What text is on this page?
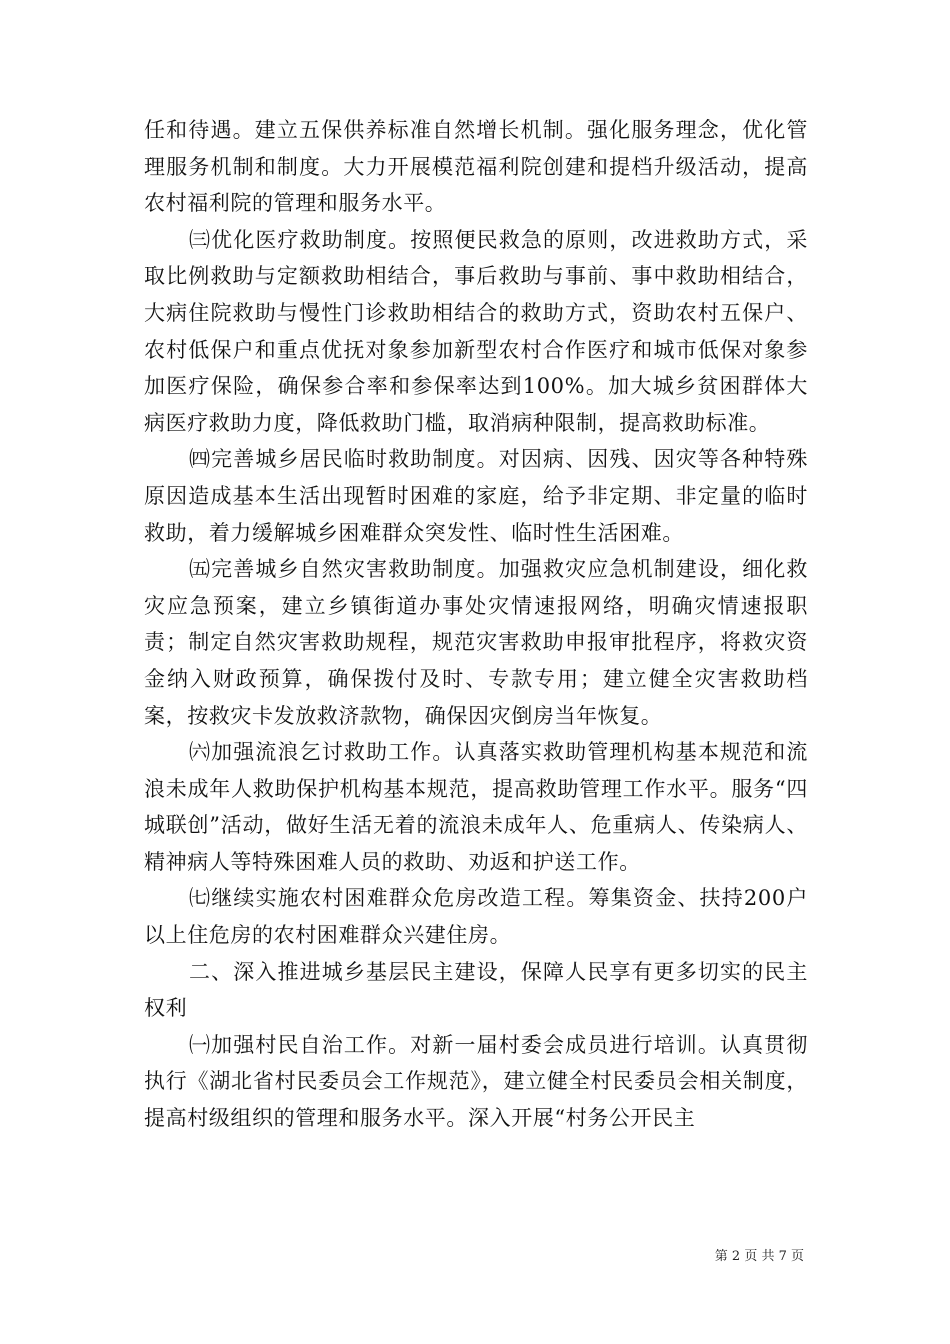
任和待遇。建立五保供养标准自然增长机制。强化服务理念，优化管理服务机制和制度。大力开展模范福利院创建和提档升级活动，提高农村福利院的管理和服务水平。

㈢优化医疗救助制度。按照便民救急的原则，改进救助方式，采取比例救助与定额救助相结合，事后救助与事前、事中救助相结合，大病住院救助与慢性门诊救助相结合的救助方式，资助农村五保户、农村低保户和重点优抚对象参加新型农村合作医疗和城市低保对象参加医疗保险，确保参合率和参保率达到100%。加大城乡贫困群体大病医疗救助力度，降低救助门槛，取消病种限制，提高救助标准。

㈣完善城乡居民临时救助制度。对因病、因残、因灾等各种特殊原因造成基本生活出现暂时困难的家庭，给予非定期、非定量的临时救助，着力缓解城乡困难群众突发性、临时性生活困难。

㈤完善城乡自然灾害救助制度。加强救灾应急机制建设，细化救灾应急预案，建立乡镇街道办事处灾情速报网络，明确灾情速报职责；制定自然灾害救助规程，规范灾害救助申报审批程序，将救灾资金纳入财政预算，确保拨付及时、专款专用；建立健全灾害救助档案，按救灾卡发放救济款物，确保因灾倒房当年恢复。

㈥加强流浪乞讨救助工作。认真落实救助管理机构基本规范和流浪未成年人救助保护机构基本规范，提高救助管理工作水平。服务“四城联创”活动，做好生活无着的流浪未成年人、危重病人、传染病人、精神病人等特殊困难人员的救助、劝返和护送工作。

㈦继续实施农村困难群众危房改造工程。筹集资金、扶持200户以上住危房的农村困难群众兴建住房。

二、深入推进城乡基层民主建设，保障人民享有更多切实的民主权利

㈠加强村民自治工作。对新一届村委会成员进行培训。认真贯彻执行《湖北省村民委员会工作规范》，建立健全村民委员会相关制度，提高村级组织的管理和服务水平。深入开展“村务公开民主

第 2 页 共 7 页
